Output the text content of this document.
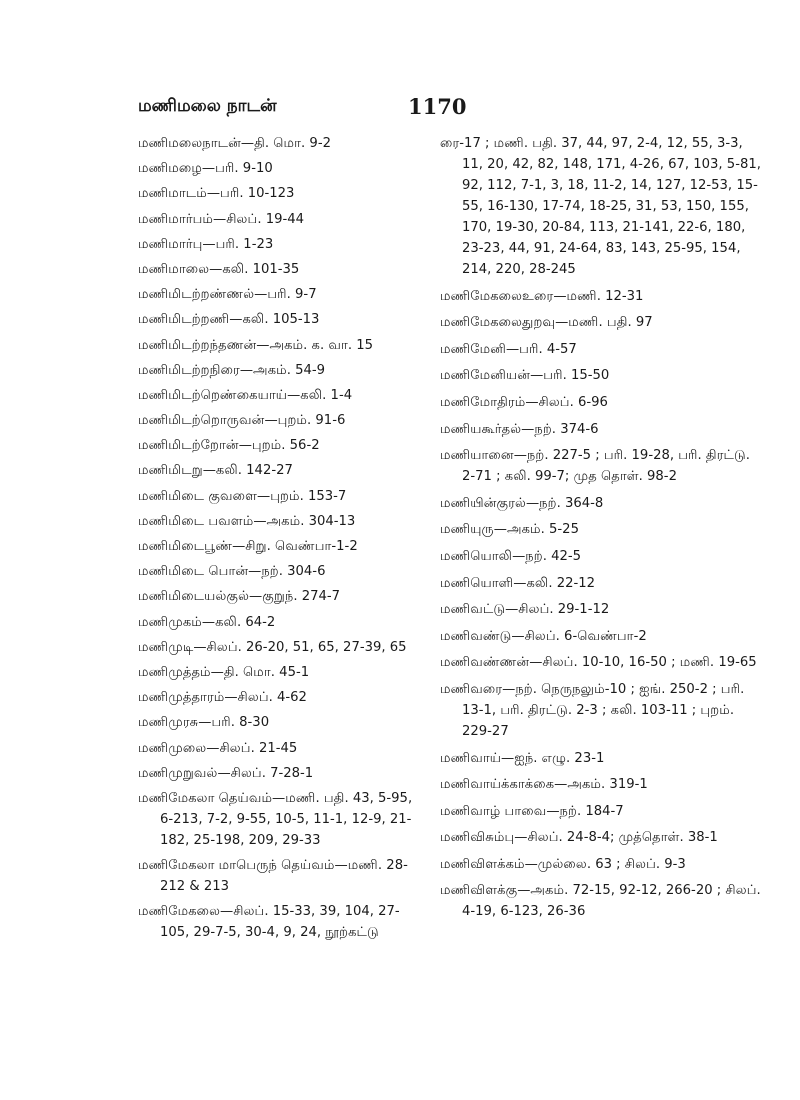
மணிமலை நாடன்	1170
மணிமலைநாடன்—தி. மொ. 9-2
மணிமழை—பரி. 9-10
மணிமாடம்—பரி. 10-123
மணிமார்பம்—சிலப். 19-44
மணிமார்பு—பரி. 1-23
மணிமாலை—கலி. 101-35
மணிமிடற்றண்ணல்—பரி. 9-7
மணிமிடற்றணி—கலி. 105-13
மணிமிடற்றந்தணன்—அகம். க. வா. 15
மணிமிடற்றநிரை—அகம். 54-9
மணிமிடற்றெண்கையாய்—கலி. 1-4
மணிமிடற்றொருவன்—புறம். 91-6
மணிமிடற்றோன்—புறம். 56-2
மணிமிடறு—கலி. 142-27
மணிமிடை குவளை—புறம். 153-7
மணிமிடை பவளம்—அகம். 304-13
மணிமிடைபூண்—சிறு. வெண்பா-1-2
மணிமிடை பொன்—நற். 304-6
மணிமிடையல்குல்—குறுந். 274-7
மணிமுகம்—கலி. 64-2
மணிமுடி—சிலப். 26-20, 51, 65, 27-39, 65
மணிமுத்தம்—தி. மொ. 45-1
மணிமுத்தாரம்—சிலப். 4-62
மணிமுரசு—பரி. 8-30
மணிமுலை—சிலப். 21-45
மணிமுறுவல்—சிலப். 7-28-1
மணிமேகலா தெய்வம்—மணி. பதி. 43, 5-95, 6-213, 7-2, 9-55, 10-5, 11-1, 12-9, 21-182, 25-198, 209, 29-33
மணிமேகலா மாபெருந் தெய்வம்—மணி. 28-212 & 213
மணிமேகலை—சிலப். 15-33, 39, 104, 27-105, 29-7-5, 30-4, 9, 24, நூற்கட்டு
ரை-17 ; மணி. பதி. 37, 44, 97, 2-4, 12, 55, 3-3, 11, 20, 42, 82, 148, 171, 4-26, 67, 103, 5-81, 92, 112, 7-1, 3, 18, 11-2, 14, 127, 12-53, 15-55, 16-130, 17-74, 18-25, 31, 53, 150, 155, 170, 19-30, 20-84, 113, 21-141, 22-6, 180, 23-23, 44, 91, 24-64, 83, 143, 25-95, 154, 214, 220, 28-245
மணிமேகலைஉரை—மணி. 12-31
மணிமேகலைதுறவு—மணி. பதி. 97
மணிமேனி—பரி. 4-57
மணிமேனியன்—பரி. 15-50
மணிமோதிரம்—சிலப். 6-96
மணியகூர்தல்—நற். 374-6
மணியானை—நற். 227-5 ; பரி. 19-28, பரி. திரட்டு. 2-71 ; கலி. 99-7; முத தொள். 98-2
மணியின்குரல்—நற். 364-8
மணியுரு—அகம். 5-25
மணியொலி—நற். 42-5
மணியொளி—கலி. 22-12
மணிவட்டு—சிலப். 29-1-12
மணிவண்டு—சிலப். 6-வெண்பா-2
மணிவண்ணன்—சிலப். 10-10, 16-50 ; மணி. 19-65
மணிவரை—நற். நெருநலும்-10 ; ஐங். 250-2 ; பரி. 13-1, பரி. திரட்டு. 2-3 ; கலி. 103-11 ; புறம். 229-27
மணிவாய்—ஐந். எழு. 23-1
மணிவாய்க்காக்கை—அகம். 319-1
மணிவாழ் பாவை—நற். 184-7
மணிவிசும்பு—சிலப். 24-8-4; முத்தொள். 38-1
மணிவிளக்கம்—முல்லை. 63 ; சிலப். 9-3
மணிவிளக்கு—அகம். 72-15, 92-12, 266-20 ; சிலப். 4-19, 6-123, 26-36
